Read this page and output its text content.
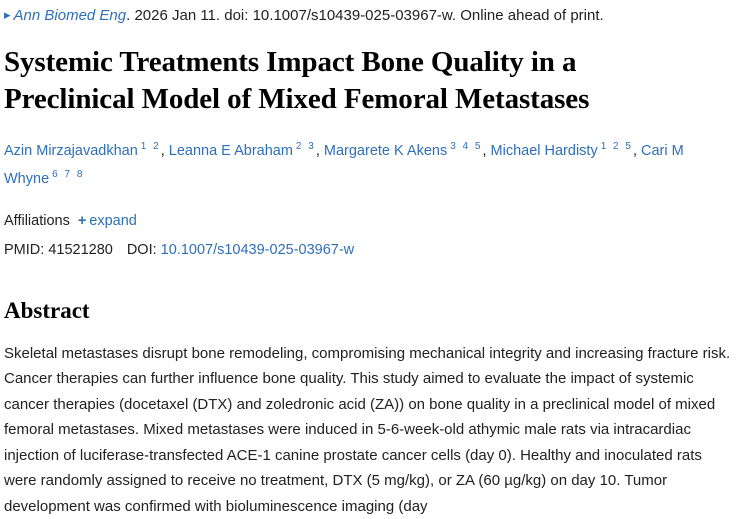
▸ Ann Biomed Eng. 2026 Jan 11. doi: 10.1007/s10439-025-03967-w. Online ahead of print.
Systemic Treatments Impact Bone Quality in a Preclinical Model of Mixed Femoral Metastases
Azin Mirzajavadkhan $^{1 2}$, Leanna E Abraham $^{2 3}$, Margarete K Akens $^{3 4 5}$, Michael Hardisty $^{1 2 5}$, Cari M Whyne $^{6 7 8}$
Affiliations + expand
PMID: 41521280 DOI: 10.1007/s10439-025-03967-w
Abstract
Skeletal metastases disrupt bone remodeling, compromising mechanical integrity and increasing fracture risk. Cancer therapies can further influence bone quality. This study aimed to evaluate the impact of systemic cancer therapies (docetaxel (DTX) and zoledronic acid (ZA)) on bone quality in a preclinical model of mixed femoral metastases. Mixed metastases were induced in 5-6-week-old athymic male rats via intracardiac injection of luciferase-transfected ACE-1 canine prostate cancer cells (day 0). Healthy and inoculated rats were randomly assigned to receive no treatment, DTX (5 mg/kg), or ZA (60 µg/kg) on day 10. Tumor development was confirmed with bioluminescence imaging (day
